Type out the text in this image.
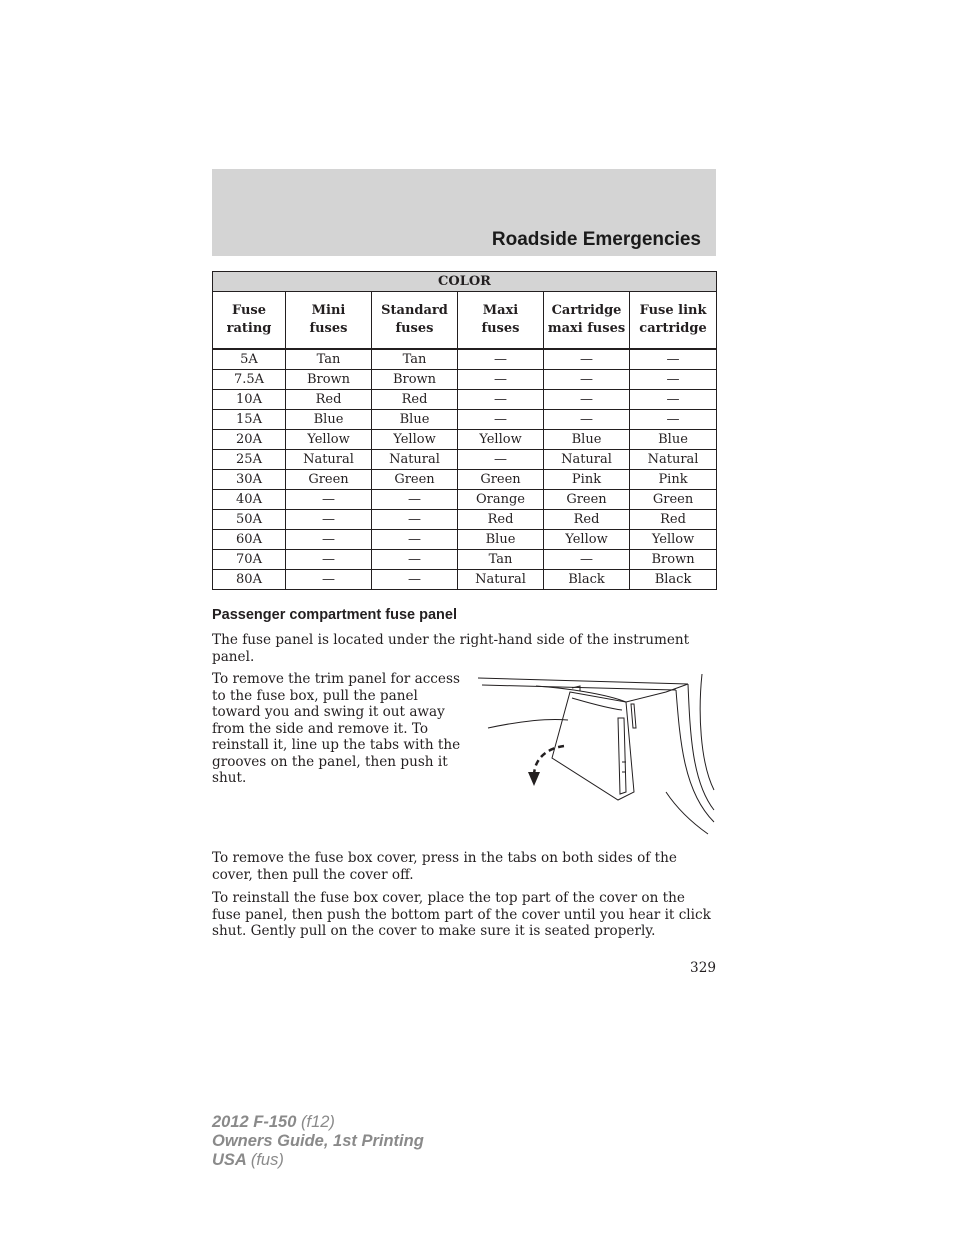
Roadside Emergencies
COLOR					
Fuse rating	Mini fuses	Standard fuses	Maxi fuses	Cartridge maxi fuses	Fuse link cartridge
5A	Tan	Tan	—	—	—
7.5A	Brown	Brown	—	—	—
10A	Red	Red	—	—	—
15A	Blue	Blue	—	—	—
20A	Yellow	Yellow	Yellow	Blue	Blue
25A	Natural	Natural	—	Natural	Natural
30A	Green	Green	Green	Pink	Pink
40A	—	—	Orange	Green	Green
50A	—	—	Red	Red	Red
60A	—	—	Blue	Yellow	Yellow
70A	—	—	Tan	—	Brown
80A	—	—	Natural	Black	Black
Passenger compartment fuse panel

The fuse panel is located under the right-hand side of the instrument panel.

To remove the trim panel for access to the fuse box, pull the panel toward you and swing it out away from the side and remove it. To reinstall it, line up the tabs with the grooves on the panel, then push it shut.

To remove the fuse box cover, press in the tabs on both sides of the cover, then pull the cover off.

To reinstall the fuse box cover, place the top part of the cover on the fuse panel, then push the bottom part of the cover until you hear it click shut. Gently pull on the cover to make sure it is seated properly.

329
2012 F-150 (f12)
Owners Guide, 1st Printing
USA (fus)
